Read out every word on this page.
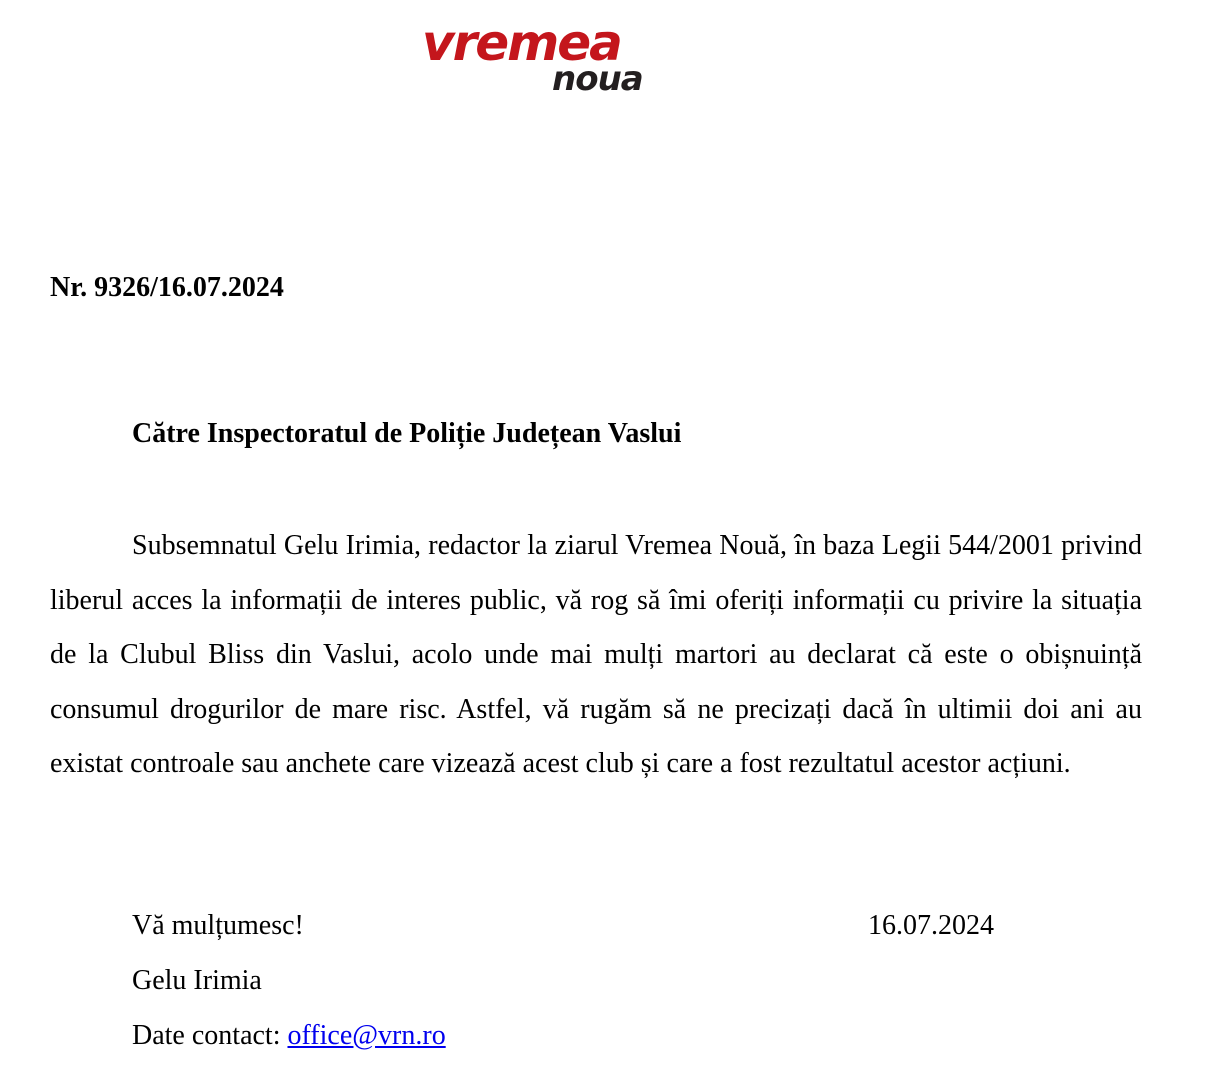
vremea
noua
Nr. 9326/16.07.2024
Către Inspectoratul de Poliție Județean Vaslui

Subsemnatul Gelu Irimia, redactor la ziarul Vremea Nouă, în baza Legii 544/2001 privind liberul acces la informații de interes public, vă rog să îmi oferiți informații cu privire la situația de la Clubul Bliss din Vaslui, acolo unde mai mulți martori au declarat că este o obișnuință consumul drogurilor de mare risc. Astfel, vă rugăm să ne precizați dacă în ultimii doi ani au existat controale sau anchete care vizează acest club și care a fost rezultatul acestor acțiuni.

Vă mulțumesc!	16.07.2024
Gelu Irimia
Date contact: office@vrn.ro
